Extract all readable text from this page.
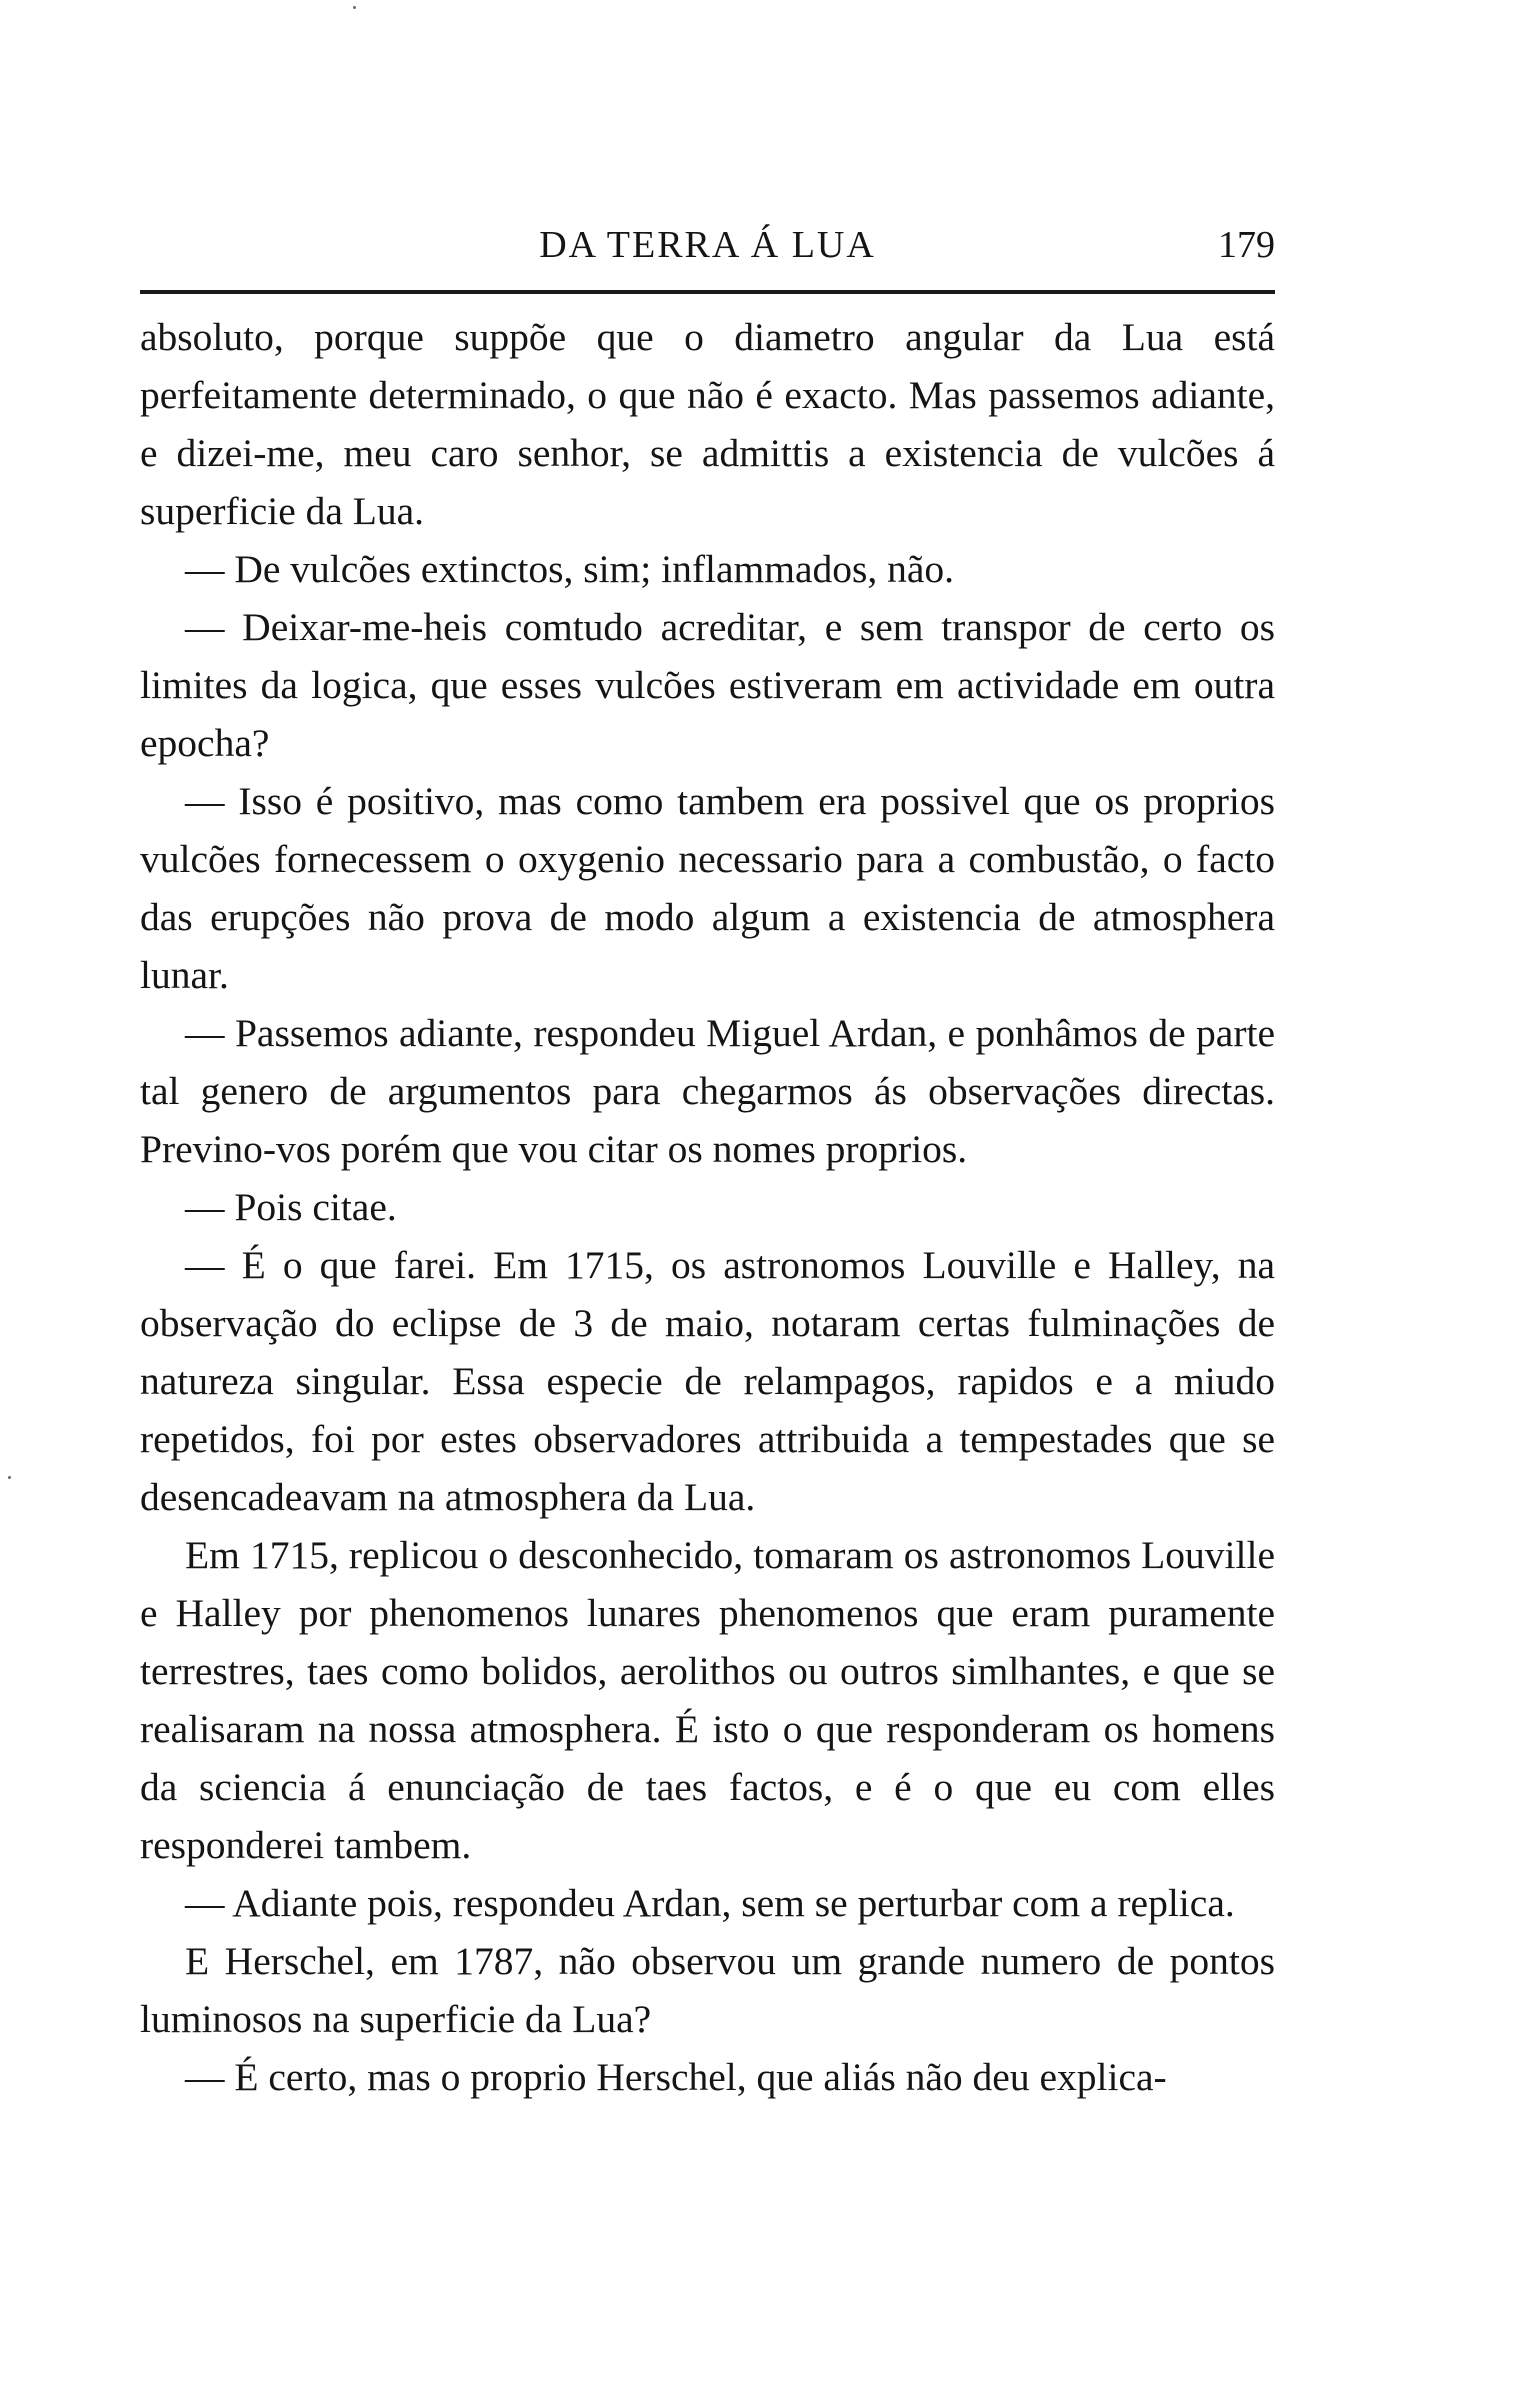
DA TERRA Á LUA	179

absoluto, porque suppõe que o diametro angular da Lua está perfeitamente determinado, o que não é exacto. Mas passemos adiante, e dizei-me, meu caro senhor, se admittis a existencia de vulcões á superficie da Lua.

— De vulcões extinctos, sim; inflammados, não.

— Deixar-me-heis comtudo acreditar, e sem transpor de certo os limites da logica, que esses vulcões estiveram em actividade em outra epocha?

— Isso é positivo, mas como tambem era possivel que os proprios vulcões fornecessem o oxygenio necessario para a combustão, o facto das erupções não prova de modo algum a existencia de atmosphera lunar.

— Passemos adiante, respondeu Miguel Ardan, e ponhâmos de parte tal genero de argumentos para chegarmos ás observações directas. Previno-vos porém que vou citar os nomes proprios.

— Pois citae.

— É o que farei. Em 1715, os astronomos Louville e Halley, na observação do eclipse de 3 de maio, notaram certas fulminações de natureza singular. Essa especie de relampagos, rapidos e a miudo repetidos, foi por estes observadores attribuida a tempestades que se desencadeavam na atmosphera da Lua.

Em 1715, replicou o desconhecido, tomaram os astronomos Louville e Halley por phenomenos lunares phenomenos que eram puramente terrestres, taes como bolidos, aerolithos ou outros simlhantes, e que se realisaram na nossa atmosphera. É isto o que responderam os homens da sciencia á enunciação de taes factos, e é o que eu com elles responderei tambem.

— Adiante pois, respondeu Ardan, sem se perturbar com a replica.

E Herschel, em 1787, não observou um grande numero de pontos luminosos na superficie da Lua?

— É certo, mas o proprio Herschel, que aliás não deu explica-
